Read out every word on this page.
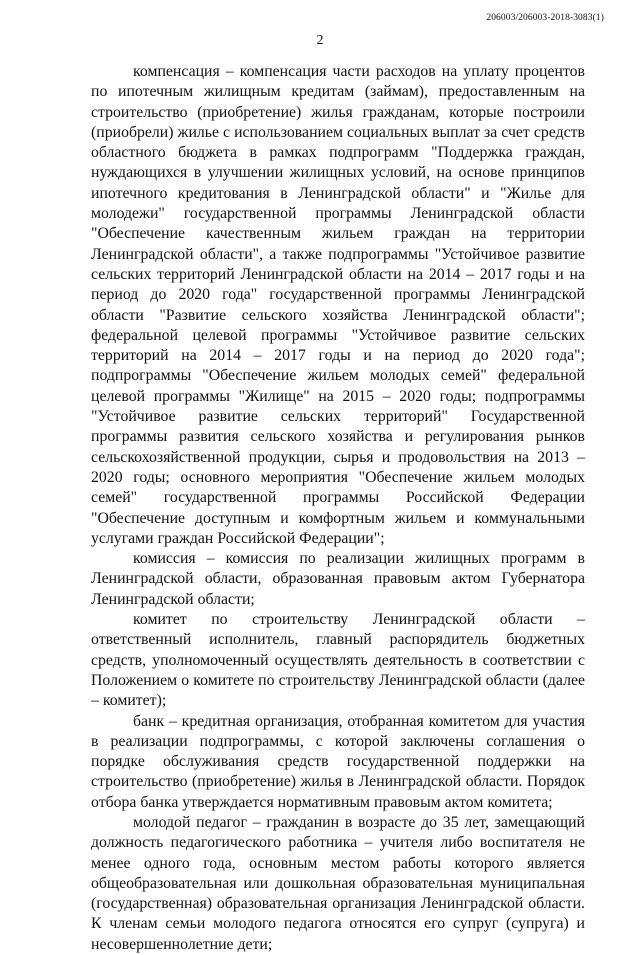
206003/206003-2018-3083(1)
2

компенсация – компенсация части расходов на уплату процентов по ипотечным жилищным кредитам (займам), предоставленным на строительство (приобретение) жилья гражданам, которые построили (приобрели) жилье с использованием социальных выплат за счет средств областного бюджета в рамках подпрограмм "Поддержка граждан, нуждающихся в улучшении жилищных условий, на основе принципов ипотечного кредитования в Ленинградской области" и "Жилье для молодежи" государственной программы Ленинградской области "Обеспечение качественным жильем граждан на территории Ленинградской области", а также подпрограммы "Устойчивое развитие сельских территорий Ленинградской области на 2014 – 2017 годы и на период до 2020 года" государственной программы Ленинградской области "Развитие сельского хозяйства Ленинградской области"; федеральной целевой программы "Устойчивое развитие сельских территорий на 2014 – 2017 годы и на период до 2020 года"; подпрограммы "Обеспечение жильем молодых семей" федеральной целевой программы "Жилище" на 2015 – 2020 годы; подпрограммы "Устойчивое развитие сельских территорий" Государственной программы развития сельского хозяйства и регулирования рынков сельскохозяйственной продукции, сырья и продовольствия на 2013 – 2020 годы; основного мероприятия "Обеспечение жильем молодых семей" государственной программы Российской Федерации "Обеспечение доступным и комфортным жильем и коммунальными услугами граждан Российской Федерации";

комиссия – комиссия по реализации жилищных программ в Ленинградской области, образованная правовым актом Губернатора Ленинградской области;

комитет по строительству Ленинградской области – ответственный исполнитель, главный распорядитель бюджетных средств, уполномоченный осуществлять деятельность в соответствии с Положением о комитете по строительству Ленинградской области (далее – комитет);

банк – кредитная организация, отобранная комитетом для участия в реализации подпрограммы, с которой заключены соглашения о порядке обслуживания средств государственной поддержки на строительство (приобретение) жилья в Ленинградской области. Порядок отбора банка утверждается нормативным правовым актом комитета;

молодой педагог – гражданин в возрасте до 35 лет, замещающий должность педагогического работника – учителя либо воспитателя не менее одного года, основным местом работы которого является общеобразовательная или дошкольная образовательная муниципальная (государственная) образовательная организация Ленинградской области. К членам семьи молодого педагога относятся его супруг (супруга) и несовершеннолетние дети;
